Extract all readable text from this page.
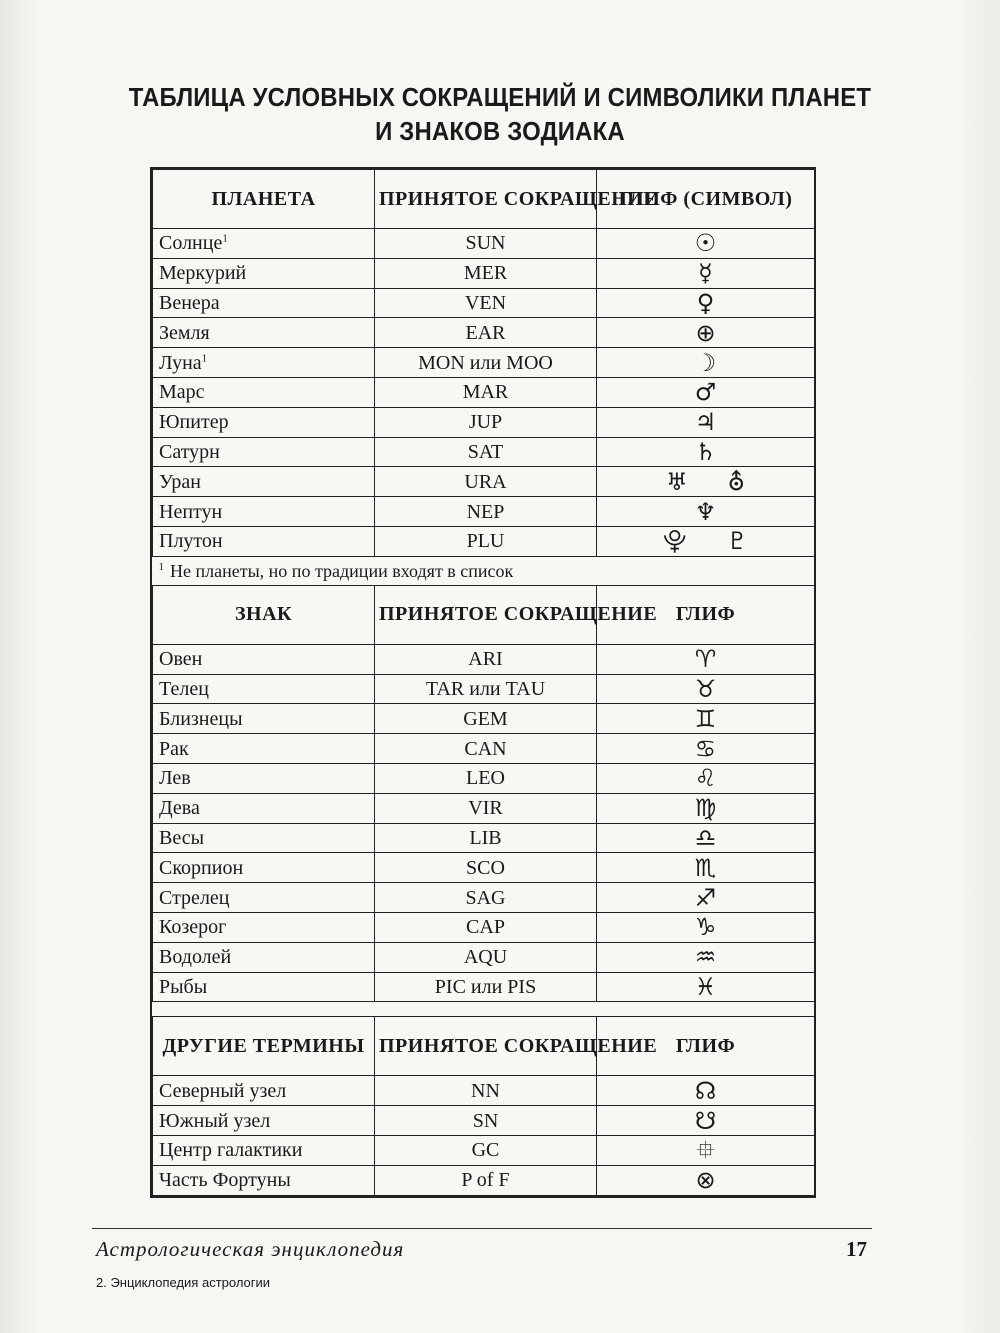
ТАБЛИЦА УСЛОВНЫХ СОКРАЩЕНИЙ И СИМВОЛИКИ ПЛАНЕТ
И ЗНАКОВ ЗОДИАКА
ПЛАНЕТА	ПРИНЯТОЕ СОКРАЩЕНИЕ	ГЛИФ (СИМВОЛ)
Солнце$^1$	SUN	☉
Меркурий	MER	☿
Венера	VEN	♀
Земля	EAR	⊕
Луна$^1$	MON или MOO	☽
Марс	MAR	♂
Юпитер	JUP	♃
Сатурн	SAT	♄
Уран	URA	♅ ⛢
Нептун	NEP	♆
Плутон	PLU	⯓ ♇
$^1$ Не планеты, но по традиции входят в список		
ЗНАК	ПРИНЯТОЕ СОКРАЩЕНИЕ	ГЛИФ
Овен	ARI	♈
Телец	TAR или TAU	♉
Близнецы	GEM	♊
Рак	CAN	♋
Лев	LEO	♌
Дева	VIR	♍
Весы	LIB	♎
Скорпион	SCO	♏
Стрелец	SAG	♐
Козерог	CAP	♑
Водолей	AQU	♒
Рыбы	PIC или PIS	♓

ДРУГИЕ ТЕРМИНЫ	ПРИНЯТОЕ СОКРАЩЕНИЕ	ГЛИФ
Северный узел	NN	☊
Южный узел	SN	☋
Центр галактики	GC	⯐
Часть Фортуны	P of F	⊗
Астрологическая энциклопедия	17
2. Энциклопедия астрологии
